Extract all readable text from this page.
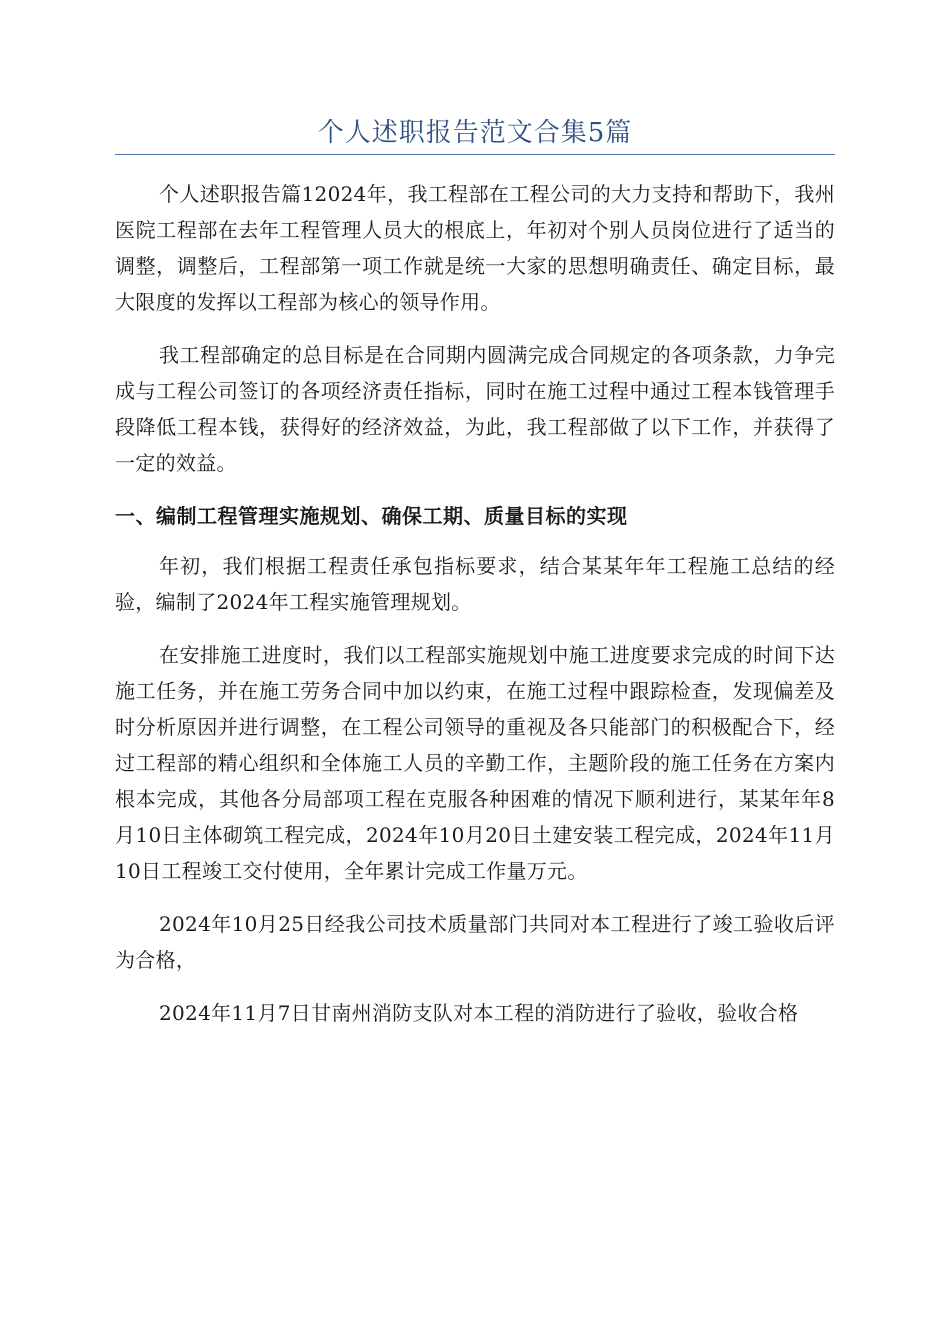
个人述职报告范文合集5篇

个人述职报告篇12024年，我工程部在工程公司的大力支持和帮助下，我州医院工程部在去年工程管理人员大的根底上，年初对个别人员岗位进行了适当的调整，调整后，工程部第一项工作就是统一大家的思想明确责任、确定目标，最大限度的发挥以工程部为核心的领导作用。

我工程部确定的总目标是在合同期内圆满完成合同规定的各项条款，力争完成与工程公司签订的各项经济责任指标，同时在施工过程中通过工程本钱管理手段降低工程本钱，获得好的经济效益，为此，我工程部做了以下工作，并获得了一定的效益。

一、编制工程管理实施规划、确保工期、质量目标的实现

年初，我们根据工程责任承包指标要求，结合某某年年工程施工总结的经验，编制了2024年工程实施管理规划。

在安排施工进度时，我们以工程部实施规划中施工进度要求完成的时间下达施工任务，并在施工劳务合同中加以约束，在施工过程中跟踪检查，发现偏差及时分析原因并进行调整，在工程公司领导的重视及各只能部门的积极配合下，经过工程部的精心组织和全体施工人员的辛勤工作，主题阶段的施工任务在方案内根本完成，其他各分局部项工程在克服各种困难的情况下顺利进行，某某年年8月10日主体砌筑工程完成，2024年10月20日土建安装工程完成，2024年11月10日工程竣工交付使用，全年累计完成工作量万元。

2024年10月25日经我公司技术质量部门共同对本工程进行了竣工验收后评为合格，

2024年11月7日甘南州消防支队对本工程的消防进行了验收，验收合格
